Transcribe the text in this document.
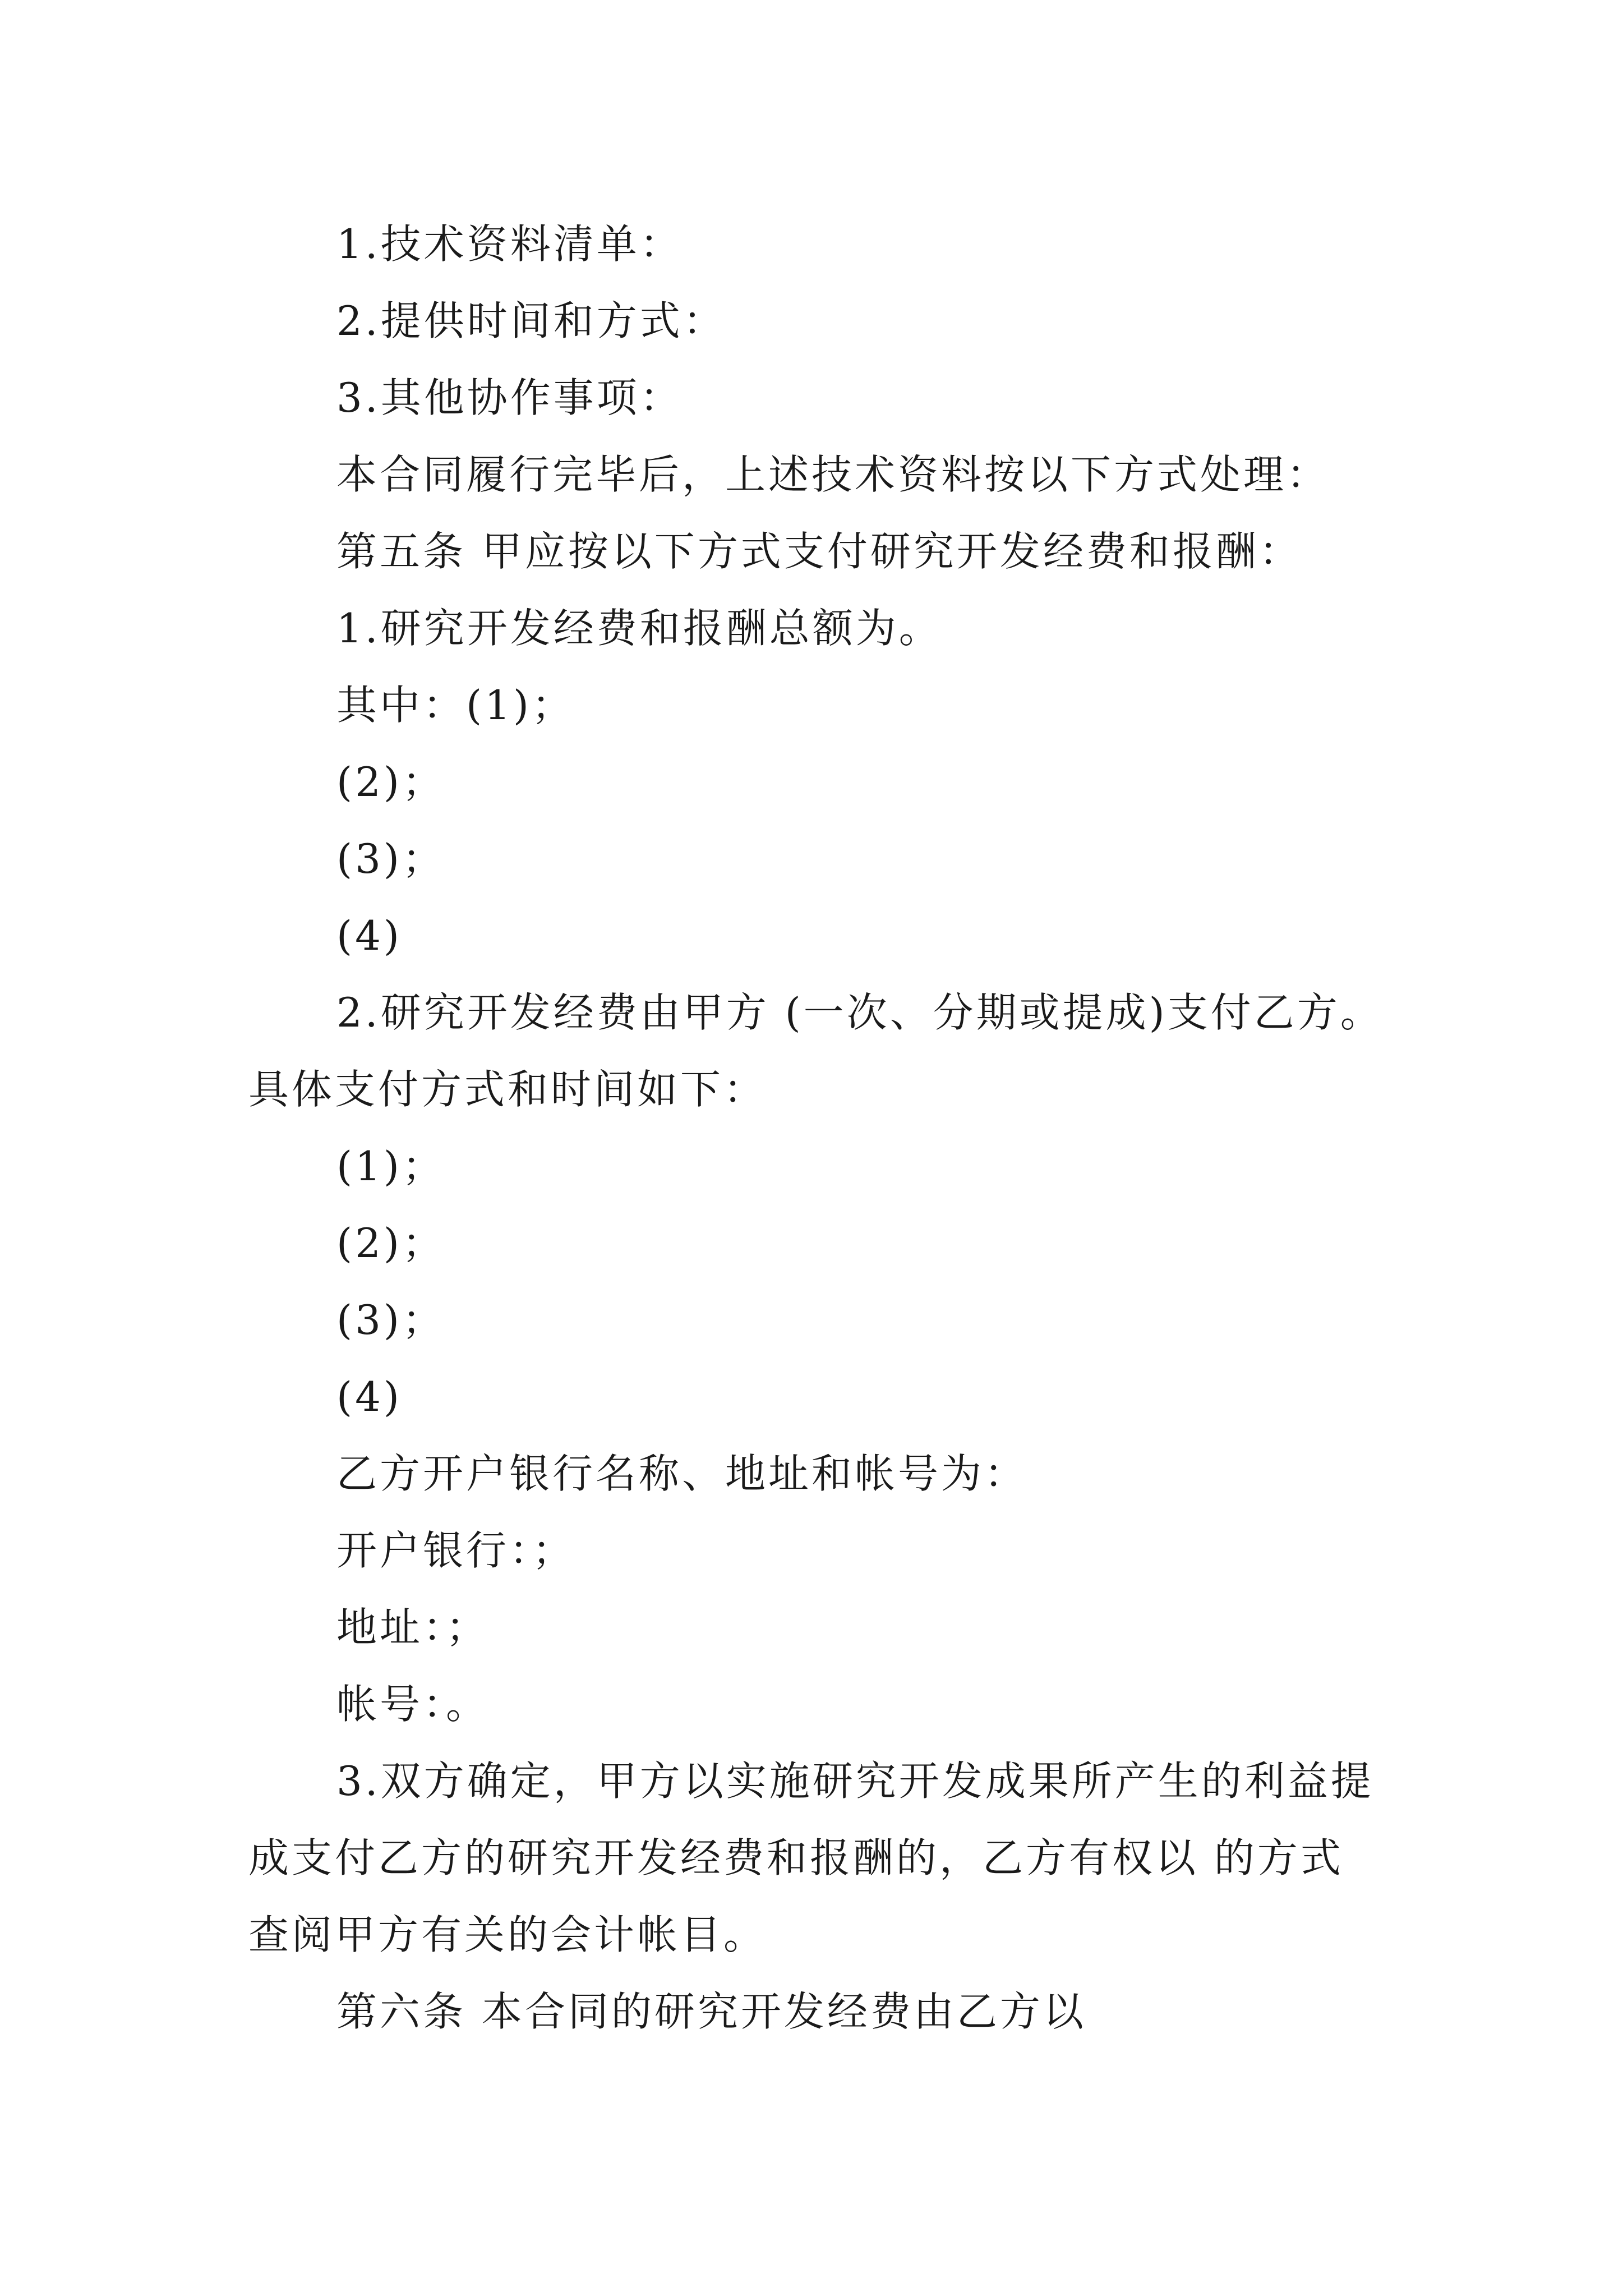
1.技术资料清单：

2.提供时间和方式：

3.其他协作事项：

本合同履行完毕后，上述技术资料按以下方式处理：

第五条 甲应按以下方式支付研究开发经费和报酬：

1.研究开发经费和报酬总额为。

其中：(1)；

(2)；

(3)；

(4)

2.研究开发经费由甲方 (一次、分期或提成)支付乙方。

具体支付方式和时间如下：

(1)；

(2)；

(3)；

(4)

乙方开户银行名称、地址和帐号为：

开户银行：；

地址：；

帐号：。

3.双方确定，甲方以实施研究开发成果所产生的利益提

成支付乙方的研究开发经费和报酬的，乙方有权以 的方式

查阅甲方有关的会计帐目。

第六条 本合同的研究开发经费由乙方以
